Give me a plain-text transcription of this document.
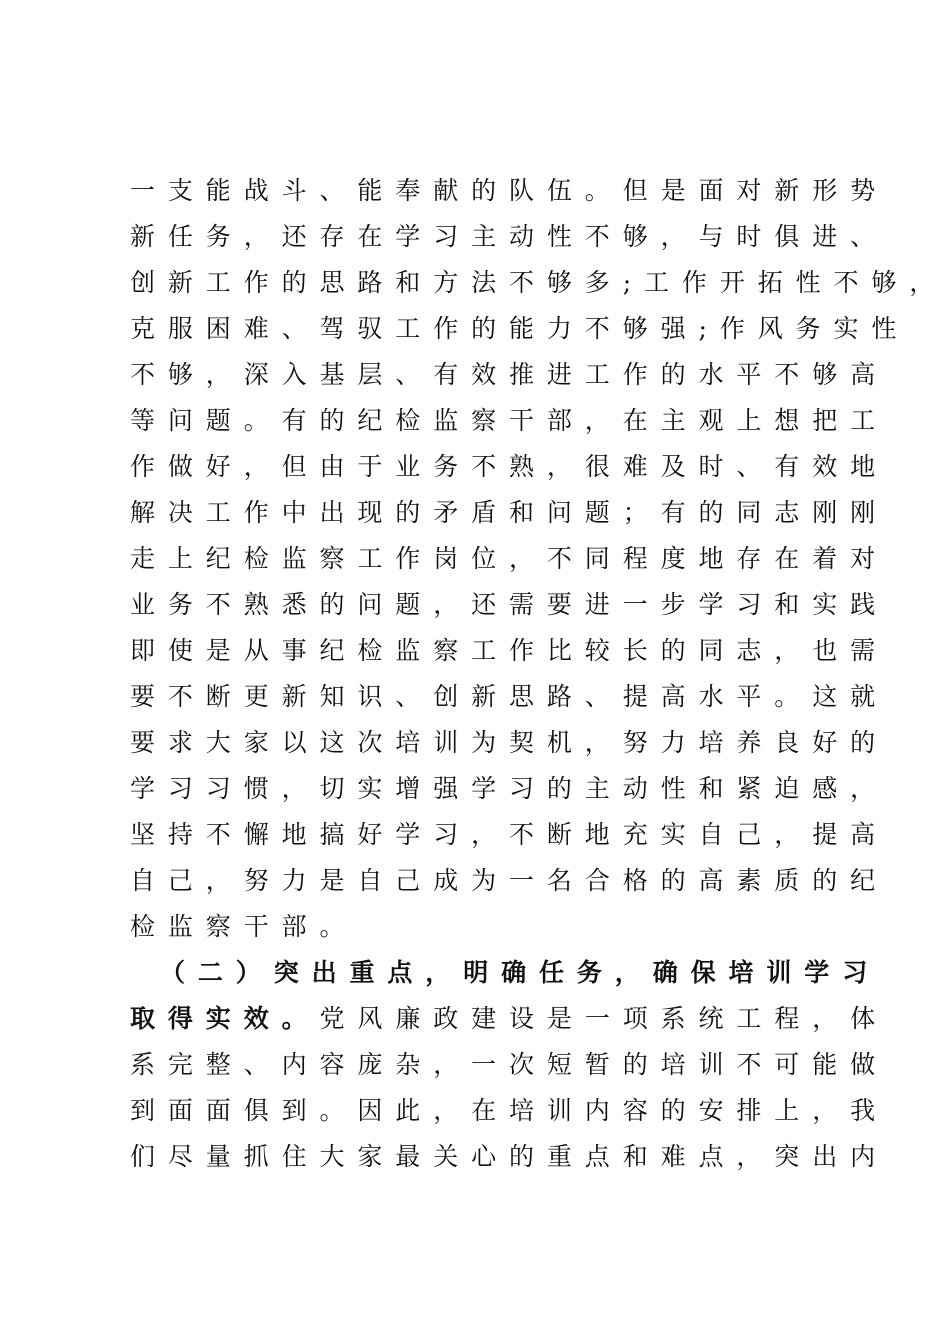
一支能战斗、能奉献的队伍。但是面对新形势
新任务，还存在学习主动性不够，与时俱进、
创新工作的思路和方法不够多;工作开拓性不够，
克服困难、驾驭工作的能力不够强;作风务实性
不够，深入基层、有效推进工作的水平不够高
等问题。有的纪检监察干部，在主观上想把工
作做好，但由于业务不熟，很难及时、有效地
解决工作中出现的矛盾和问题；有的同志刚刚
走上纪检监察工作岗位，不同程度地存在着对
业务不熟悉的问题，还需要进一步学习和实践
即使是从事纪检监察工作比较长的同志，也需
要不断更新知识、创新思路、提高水平。这就
要求大家以这次培训为契机，努力培养良好的
学习习惯，切实增强学习的主动性和紧迫感，
坚持不懈地搞好学习，不断地充实自己，提高
自己，努力是自己成为一名合格的高素质的纪
检监察干部。
（二）突出重点，明确任务，确保培训学习
取得实效。党风廉政建设是一项系统工程，体
系完整、内容庞杂，一次短暂的培训不可能做
到面面俱到。因此，在培训内容的安排上，我
们尽量抓住大家最关心的重点和难点，突出内
